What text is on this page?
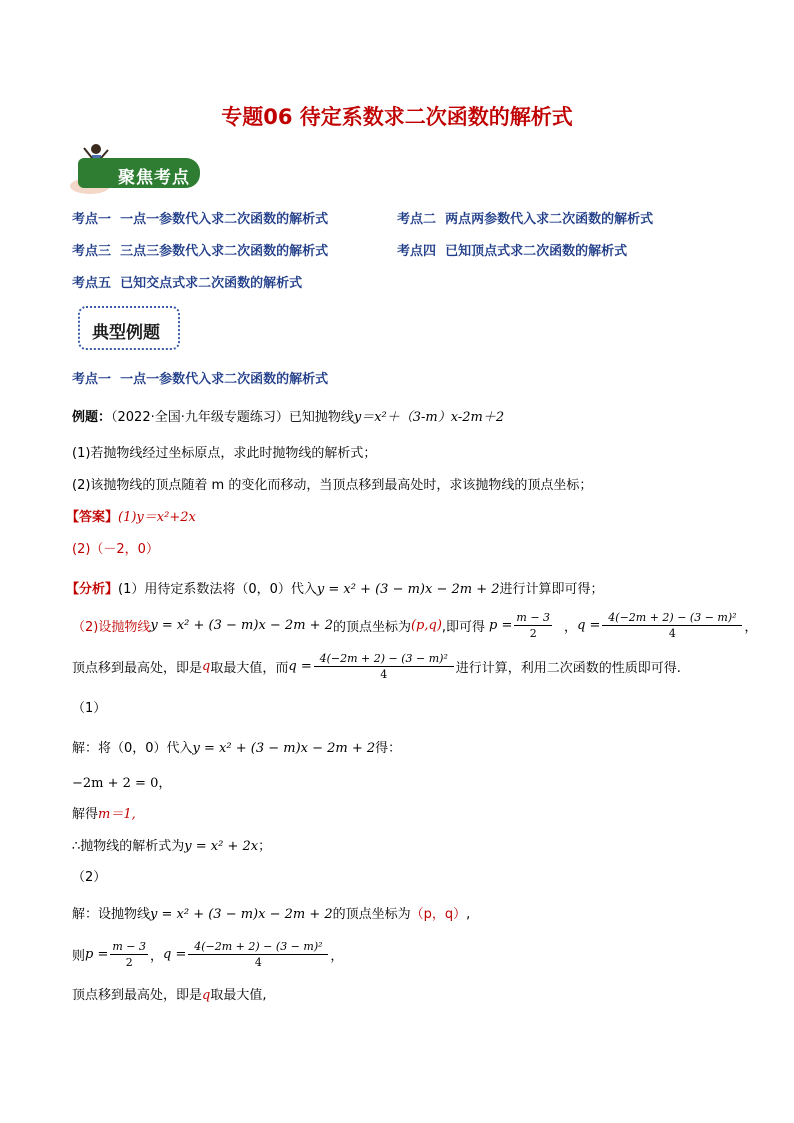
专题06 待定系数求二次函数的解析式
聚焦考点
考点一 一点一参数代入求二次函数的解析式	考点二 两点两参数代入求二次函数的解析式
考点三 三点三参数代入求二次函数的解析式	考点四 已知顶点式求二次函数的解析式
考点五 已知交点式求二次函数的解析式
典型例题
考点一 一点一参数代入求二次函数的解析式
例题：（2022·全国·九年级专题练习）已知抛物线y＝x²＋（3-m）x-2m＋2
(1)若抛物线经过坐标原点，求此时抛物线的解析式；
(2)该抛物线的顶点随着 m 的变化而移动，当顶点移到最高处时，求该抛物线的顶点坐标；
【答案】(1)y＝x²+2x
(2)（－2，0）
【分析】(1）用待定系数法将（0，0）代入y = x² + (3 − m)x − 2m + 2进行计算即可得；
（2)设抛物线 y = x² + (3 − m)x − 2m + 2 的顶点坐标为 (p,q) ,即可得 $p = \frac{m - 3}{2}$ ， $q = \frac{\text{4(−2m + 2) − (3 − m)²}}{4}$ ，
顶点移到最高处，即是 q 取最大值，而 $q = \frac{\text{4(−2m + 2) − (3 − m)²}}{4}$ 进行计算，利用二次函数的性质即可得.
（1）
解：将（0，0）代入y = x² + (3 − m)x − 2m + 2得：
−2m + 2 = 0，
解得m＝1,
∴抛物线的解析式为y = x² + 2x；
（2）
解：设抛物线y = x² + (3 − m)x − 2m + 2的顶点坐标为（p，q）,
则 $p = \frac{m - 3}{2}$ ， $q = \frac{\text{4(−2m + 2) − (3 − m)²}}{4}$ ，
顶点移到最高处，即是q取最大值,
